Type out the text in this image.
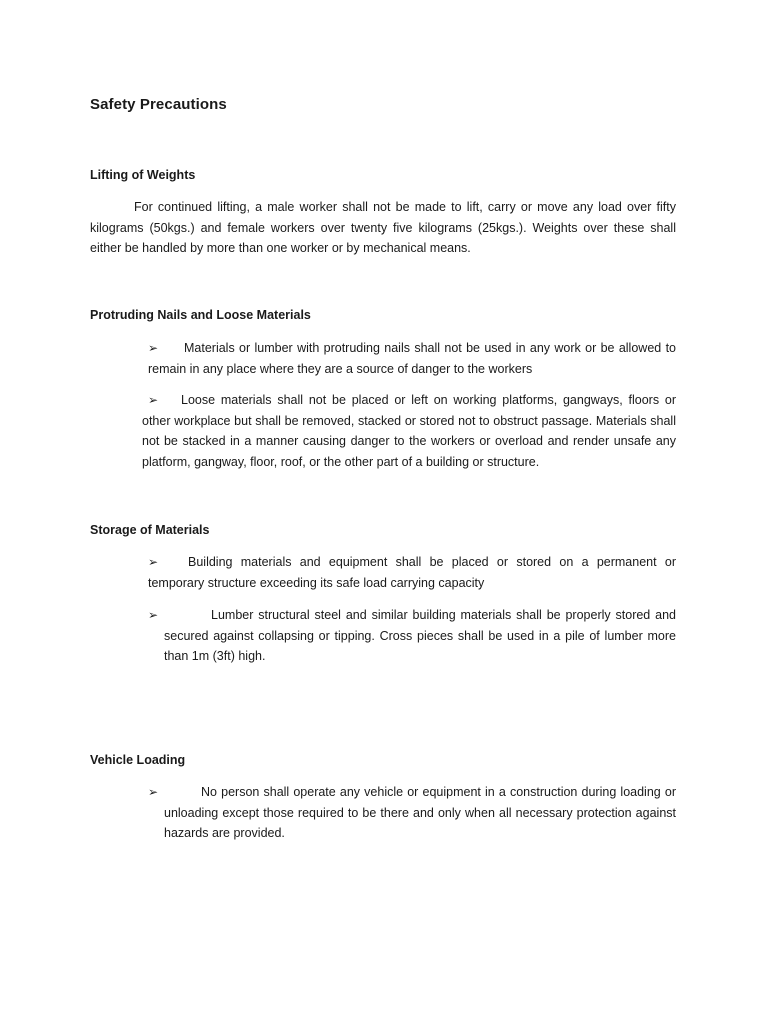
Safety Precautions
Lifting of Weights

For continued lifting, a male worker shall not be made to lift, carry or move any load over fifty kilograms (50kgs.) and female workers over twenty five kilograms (25kgs.). Weights over these shall either be handled by more than one worker or by mechanical means.

Protruding Nails and Loose Materials
➢	Materials or lumber with protruding nails shall not be used in any work or be allowed to remain in any place where they are a source of danger to the workers

➢	Loose materials shall not be placed or left on working platforms, gangways, floors or other workplace but shall be removed, stacked or stored not to obstruct passage. Materials shall not be stacked in a manner causing danger to the workers or overload and render unsafe any platform, gangway, floor, roof, or the other part of a building or structure.

Storage of Materials
➢	Building materials and equipment shall be placed or stored on a permanent or temporary structure exceeding its safe load carrying capacity

➢	Lumber structural steel and similar building materials shall be properly stored and secured against collapsing or tipping. Cross pieces shall be used in a pile of lumber more than 1m (3ft) high.

Vehicle Loading
➢	No person shall operate any vehicle or equipment in a construction during loading or unloading except those required to be there and only when all necessary protection against hazards are provided.
